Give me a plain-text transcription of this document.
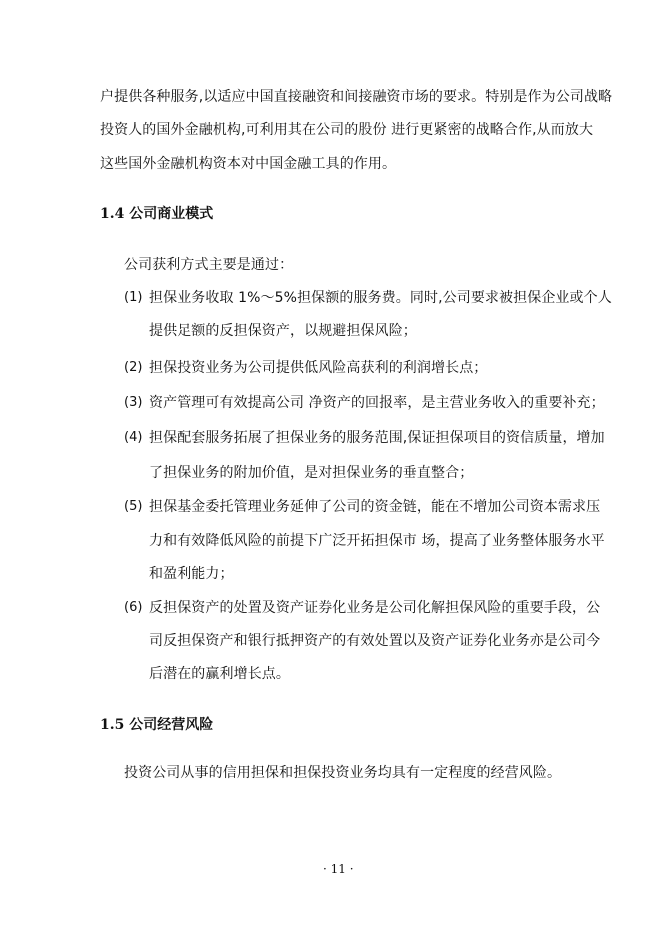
户提供各种服务,以适应中国直接融资和间接融资市场的要求。特别是作为公司战略
投资人的国外金融机构,可利用其在公司的股份 进行更紧密的战略合作,从而放大
这些国外金融机构资本对中国金融工具的作用。
1.4 公司商业模式
公司获利方式主要是通过：
(1) 担保业务收取 1%～5%担保额的服务费。同时,公司要求被担保企业或个人
提供足额的反担保资产，以规避担保风险；
(2) 担保投资业务为公司提供低风险高获利的利润增长点；
(3) 资产管理可有效提高公司 净资产的回报率，是主营业务收入的重要补充；
(4) 担保配套服务拓展了担保业务的服务范围,保证担保项目的资信质量，增加
了担保业务的附加价值，是对担保业务的垂直整合；
(5) 担保基金委托管理业务延伸了公司的资金链，能在不增加公司资本需求压
力和有效降低风险的前提下广泛开拓担保市 场，提高了业务整体服务水平
和盈利能力；
(6) 反担保资产的处置及资产证券化业务是公司化解担保风险的重要手段，公
司反担保资产和银行抵押资产的有效处置以及资产证券化业务亦是公司今
后潜在的赢利增长点。
1.5 公司经营风险
投资公司从事的信用担保和担保投资业务均具有一定程度的经营风险。
· 11 ·
